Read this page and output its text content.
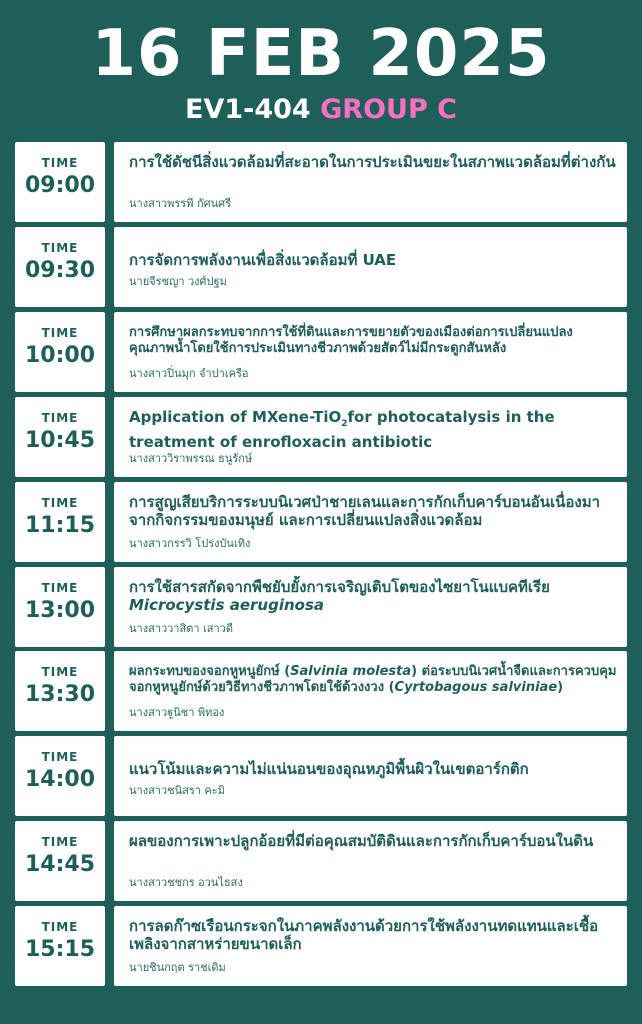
16 FEB 2025
EV1-404 GROUP C
TIME
09:00
การใช้ดัชนีสิ่งแวดล้อมที่สะอาดในการประเมินขยะในสภาพแวดล้อมที่ต่างกัน
นางสาวพรรพี กัศนศรี
TIME
09:30	การจัดการพลังงานเพื่อสิ่งแวดล้อมที่ UAE
นายจีรชญา วงศ์ปฐม
TIME
10:00
การศึกษาผลกระทบจากการใช้ที่ดินและการขยายตัวของเมืองต่อการเปลี่ยนแปลงคุณภาพน้ำโดยใช้การประเมินทางชีวภาพด้วยสัตว์ไม่มีกระดูกสันหลัง
นางสาวปิ่นมุก จำปาเครือ
TIME
10:45
Application of MXene-TiO$_2$for photocatalysis in the treatment of enrofloxacin antibiotic
นางสาววิราพรรณ ธนูรักษ์
TIME
11:15
การสูญเสียบริการระบบนิเวศป่าชายเลนและการกักเก็บคาร์บอนอันเนื่องมาจากกิจกรรมของมนุษย์ และการเปลี่ยนแปลงสิ่งแวดล้อม
นางสาวกรรวิ โปร่งบันเทิง
TIME
13:00
การใช้สารสกัดจากพืชยับยั้งการเจริญเติบโตของไซยาโนแบคทีเรีย Microcystis aeruginosa
นางสาววาสิตา เสาวดี
TIME
13:30
ผลกระทบของจอกหูหนูยักษ์ (Salvinia molesta) ต่อระบบนิเวศน้ำจืดและการควบคุมจอกหูหนูยักษ์ด้วยวิธีทางชีวภาพโดยใช้ด้วงงวง (Cyrtobagous salviniae)
นางสาวฐูนิชา พิทอง
TIME
14:00	แนวโน้มและความไม่แน่นอนของอุณหภูมิพื้นผิวในเขตอาร์กติก
นางสาวชนิสรา คะมิ
TIME
14:45
ผลของการเพาะปลูกอ้อยที่มีต่อคุณสมบัติดินและการกักเก็บคาร์บอนในดิน
นางสาวชชกร อวนไธสง
TIME
15:15
การลดก๊าซเรือนกระจกในภาคพลังงานด้วยการใช้พลังงานทดแทนและเชื้อเพลิงจากสาหร่ายขนาดเล็ก
นายชินกฤต ราชเดิม
